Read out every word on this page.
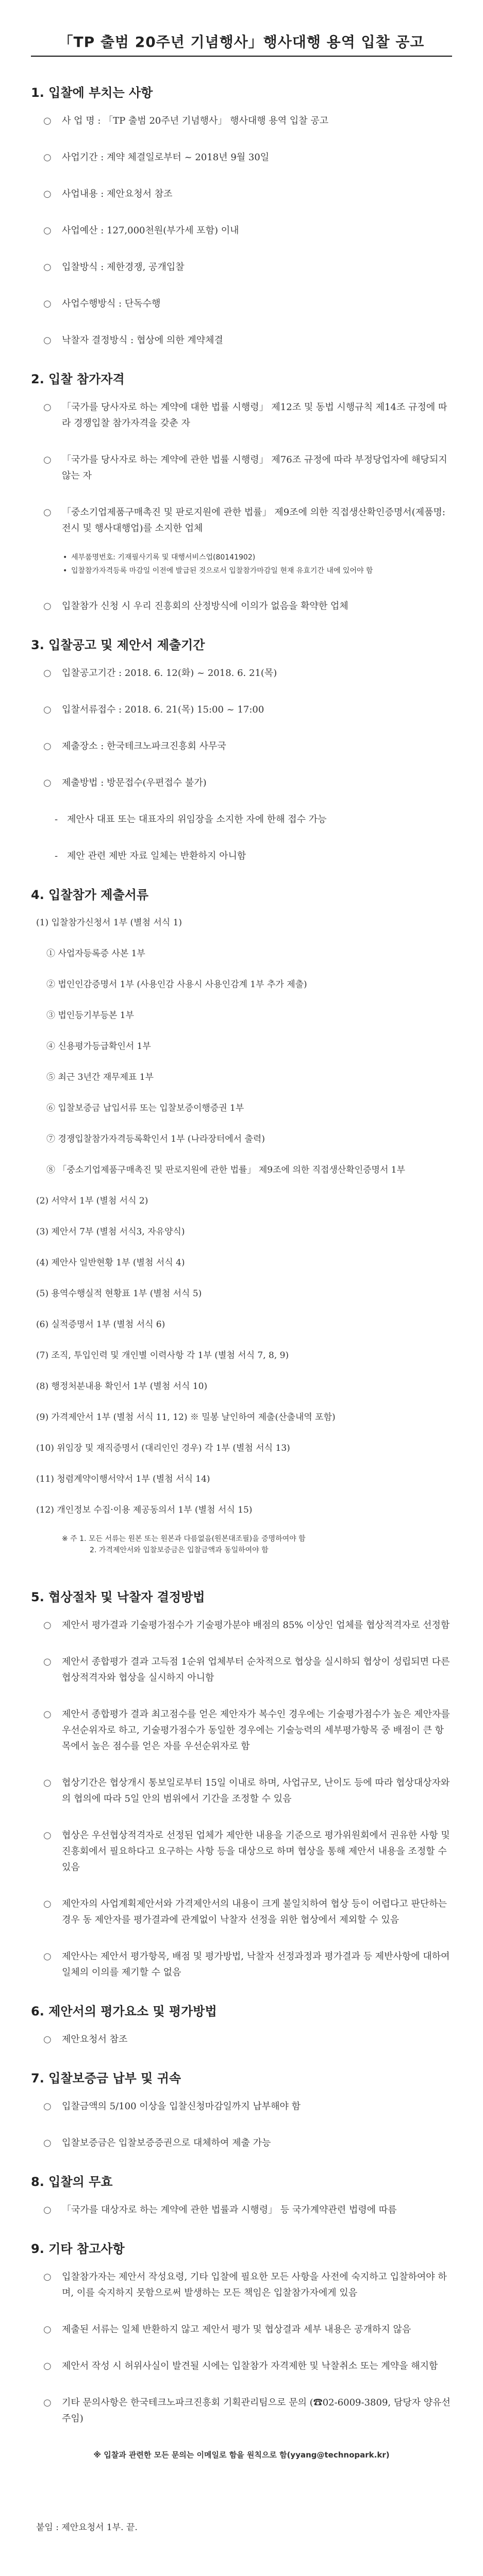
「TP 출범 20주년 기념행사」행사대행 용역 입찰 공고
1. 입찰에 부치는 사항
○ 사 업 명 : 「TP 출범 20주년 기념행사」 행사대행 용역 입찰 공고
○ 사업기간 : 계약 체결일로부터 ~ 2018년 9월 30일
○ 사업내용 : 제안요청서 참조
○ 사업예산 : 127,000천원(부가세 포함) 이내
○ 입찰방식 : 제한경쟁, 공개입찰
○ 사업수행방식 : 단독수행
○ 낙찰자 결정방식 : 협상에 의한 계약체결
2. 입찰 참가자격
○ 「국가를 당사자로 하는 계약에 대한 법률 시행령」 제12조 및 동법 시행규칙 제14조 규정에 따라 경쟁입찰 참가자격을 갖춘 자
○ 「국가를 당사자로 하는 계약에 관한 법률 시행령」 제76조 규정에 따라 부정당업자에 해당되지 않는 자
○ 「중소기업제품구매촉진 및 판로지원에 관한 법률」 제9조에 의한 직접생산확인증명서(제품명:전시 및 행사대행업)를 소지한 업체
• 세부품명번호: 기재필사기록 및 대행서비스업(80141902)
• 입찰참가자격등록 마감일 이전에 발급된 것으로서 입찰참가마감일 현재 유효기간 내에 있어야 함
○ 입찰참가 신청 시 우리 진흥회의 산정방식에 이의가 없음을 확약한 업체
3. 입찰공고 및 제안서 제출기간
○ 입찰공고기간 : 2018. 6. 12(화) ~ 2018. 6. 21(목)
○ 입찰서류접수 : 2018. 6. 21(목) 15:00 ~ 17:00
○ 제출장소 : 한국테크노파크진흥회 사무국
○ 제출방법 : 방문접수(우편접수 불가)
- 제안사 대표 또는 대표자의 위임장을 소지한 자에 한해 접수 가능
- 제안 관련 제반 자료 일체는 반환하지 아니함
4. 입찰참가 제출서류
(1) 입찰참가신청서 1부 (별첨 서식 1)
① 사업자등록증 사본 1부
② 법인인감증명서 1부 (사용인감 사용시 사용인감계 1부 추가 제출)
③ 법인등기부등본 1부
④ 신용평가등급확인서 1부
⑤ 최근 3년간 재무제표 1부
⑥ 입찰보증금 납입서류 또는 입찰보증이행증권 1부
⑦ 경쟁입찰참가자격등록확인서 1부 (나라장터에서 출력)
⑧ 「중소기업제품구매촉진 및 판로지원에 관한 법률」 제9조에 의한 직접생산확인증명서 1부
(2) 서약서 1부 (별첨 서식 2)
(3) 제안서 7부 (별첨 서식3, 자유양식)
(4) 제안사 일반현황 1부 (별첨 서식 4)
(5) 용역수행실적 현황표 1부 (별첨 서식 5)
(6) 실적증명서 1부 (별첨 서식 6)
(7) 조직, 투입인력 및 개인별 이력사항 각 1부 (별첨 서식 7, 8, 9)
(8) 행정처분내용 확인서 1부 (별첨 서식 10)
(9) 가격제안서 1부 (별첨 서식 11, 12) ※ 밀봉 날인하여 제출(산출내역 포함)
(10) 위임장 및 재직증명서 (대리인인 경우) 각 1부 (별첨 서식 13)
(11) 청렴계약이행서약서 1부 (별첨 서식 14)
(12) 개인정보 수집·이용 제공동의서 1부 (별첨 서식 15)
※ 주 1. 모든 서류는 원본 또는 원본과 다름없음(원본대조필)을 증명하여야 함
2. 가격제안서와 입찰보증금은 입찰금액과 동일하여야 함
5. 협상절차 및 낙찰자 결정방법
○ 제안서 평가결과 기술평가점수가 기술평가분야 배점의 85% 이상인 업체를 협상적격자로 선정함
○ 제안서 종합평가 결과 고득점 1순위 업체부터 순차적으로 협상을 실시하되 협상이 성립되면 다른 협상적격자와 협상을 실시하지 아니함
○ 제안서 종합평가 결과 최고점수를 얻은 제안자가 복수인 경우에는 기술평가점수가 높은 제안자를 우선순위자로 하고, 기술평가점수가 동일한 경우에는 기술능력의 세부평가항목 중 배점이 큰 항목에서 높은 점수를 얻은 자를 우선순위자로 함
○ 협상기간은 협상개시 통보일로부터 15일 이내로 하며, 사업규모, 난이도 등에 따라 협상대상자와의 협의에 따라 5일 안의 범위에서 기간을 조정할 수 있음
○ 협상은 우선협상적격자로 선정된 업체가 제안한 내용을 기준으로 평가위원회에서 권유한 사항 및 진흥회에서 필요하다고 요구하는 사항 등을 대상으로 하며 협상을 통해 제안서 내용을 조정할 수 있음
○ 제안자의 사업계획제안서와 가격제안서의 내용이 크게 불일치하여 협상 등이 어렵다고 판단하는 경우 동 제안자를 평가결과에 관계없이 낙찰자 선정을 위한 협상에서 제외할 수 있음
○ 제안사는 제안서 평가항목, 배점 및 평가방법, 낙찰자 선정과정과 평가결과 등 제반사항에 대하여 일체의 이의를 제기할 수 없음
6. 제안서의 평가요소 및 평가방법
○ 제안요청서 참조
7. 입찰보증금 납부 및 귀속
○ 입찰금액의 5/100 이상을 입찰신청마감일까지 납부해야 함
○ 입찰보증금은 입찰보증증권으로 대체하여 제출 가능
8. 입찰의 무효
○ 「국가를 대상자로 하는 계약에 관한 법률과 시행령」 등 국가계약관련 법령에 따름
9. 기타 참고사항
○ 입찰참가자는 제안서 작성요령, 기타 입찰에 필요한 모든 사항을 사전에 숙지하고 입찰하여야 하며, 이를 숙지하지 못함으로써 발생하는 모든 책임은 입찰참가자에게 있음
○ 제출된 서류는 일체 반환하지 않고 제안서 평가 및 협상결과 세부 내용은 공개하지 않음
○ 제안서 작성 시 허위사실이 발견될 시에는 입찰참가 자격제한 및 낙찰취소 또는 계약을 해지함
○ 기타 문의사항은 한국테크노파크진흥회 기획관리팀으로 문의 (☎02-6009-3809, 담당자 양유선 주임)
※ 입찰과 관련한 모든 문의는 이메일로 함을 원칙으로 함(yyang@technopark.kr)
붙임 : 제안요청서 1부. 끝.
